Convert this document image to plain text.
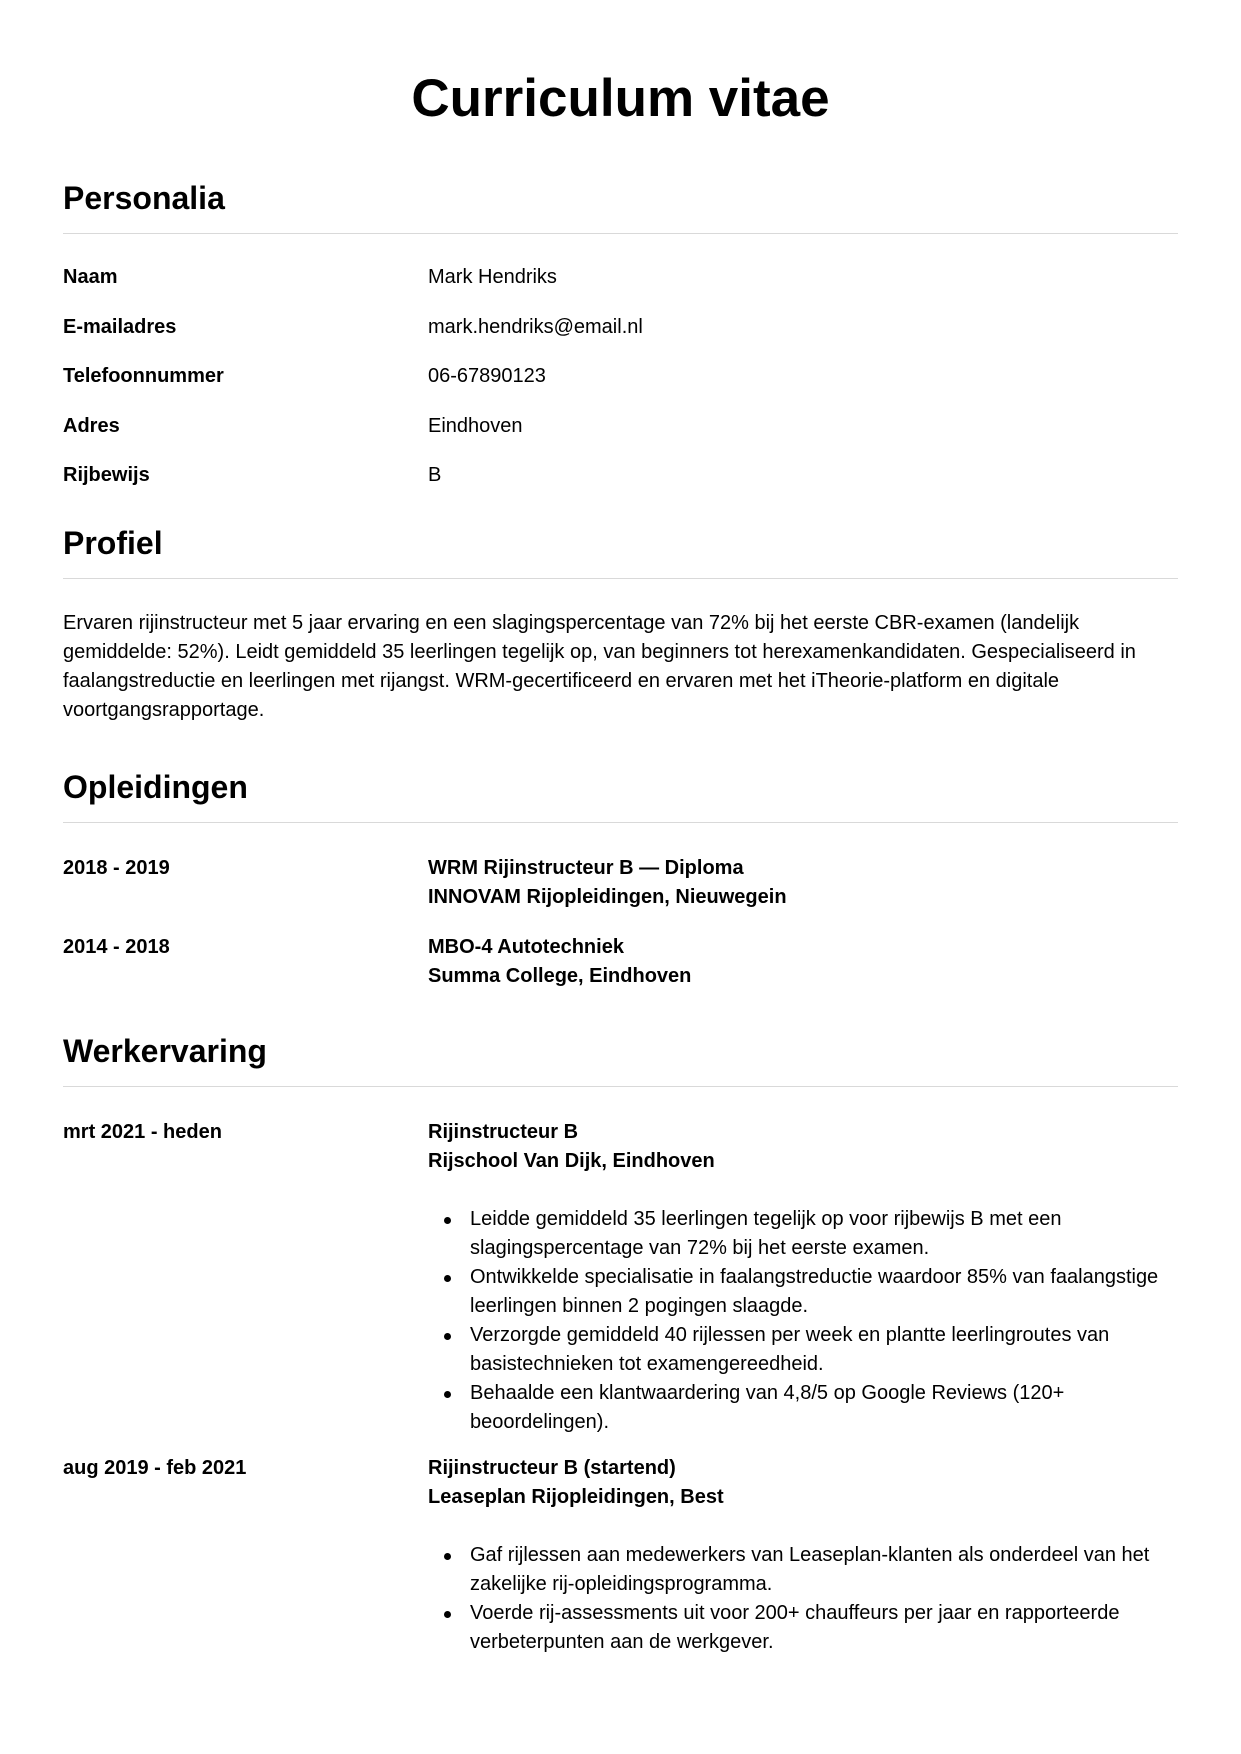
Curriculum vitae
Personalia
Naam	Mark Hendriks
E-mailadres	mark.hendriks@email.nl
Telefoonnummer	06-67890123
Adres	Eindhoven
Rijbewijs	B
Profiel

Ervaren rijinstructeur met 5 jaar ervaring en een slagingspercentage van 72% bij het eerste CBR-examen (landelijk gemiddelde: 52%). Leidt gemiddeld 35 leerlingen tegelijk op, van beginners tot herexamenkandidaten. Gespecialiseerd in faalangstreductie en leerlingen met rijangst. WRM-gecertificeerd en ervaren met het iTheorie-platform en digitale voortgangsrapportage.

Opleidingen
2018 - 2019	WRM Rijinstructeur B — Diploma
INNOVAM Rijopleidingen, Nieuwegein
2014 - 2018	MBO-4 Autotechniek
Summa College, Eindhoven
Werkervaring
mrt 2021 - heden	Rijinstructeur B
Rijschool Van Dijk, Eindhoven
Leidde gemiddeld 35 leerlingen tegelijk op voor rijbewijs B met een slagingspercentage van 72% bij het eerste examen.
Ontwikkelde specialisatie in faalangstreductie waardoor 85% van faalangstige leerlingen binnen 2 pogingen slaagde.
Verzorgde gemiddeld 40 rijlessen per week en plantte leerlingroutes van basistechnieken tot examengereedheid.
Behaalde een klantwaardering van 4,8/5 op Google Reviews (120+ beoordelingen).
aug 2019 - feb 2021	Rijinstructeur B (startend)
Leaseplan Rijopleidingen, Best
Gaf rijlessen aan medewerkers van Leaseplan-klanten als onderdeel van het zakelijke rij-opleidingsprogramma.
Voerde rij-assessments uit voor 200+ chauffeurs per jaar en rapporteerde verbeterpunten aan de werkgever.
